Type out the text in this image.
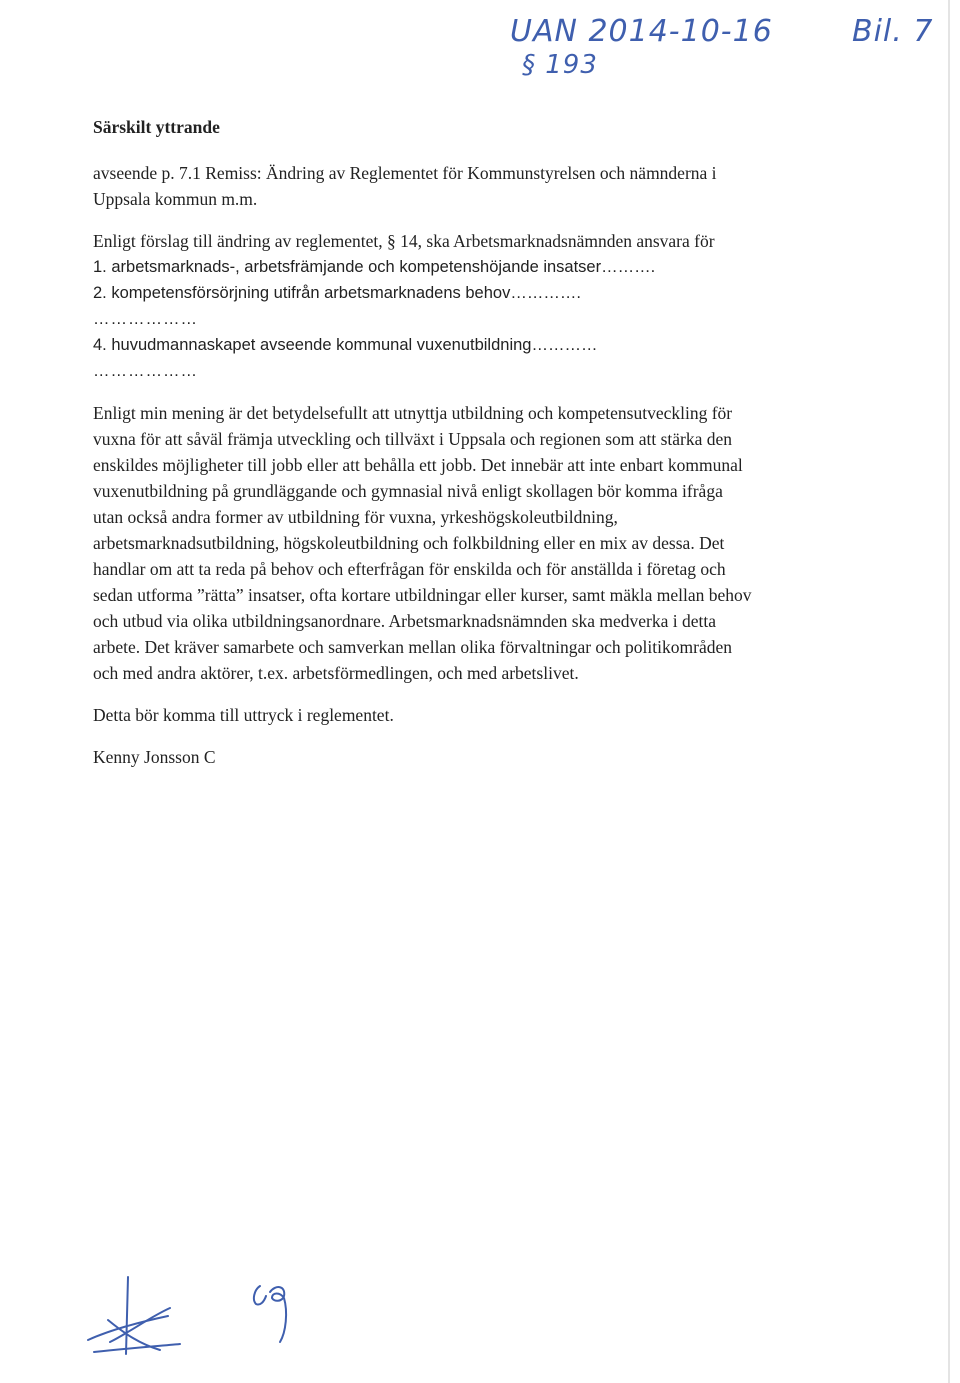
UAN 2014-10-16
§ 193
Bil. 7

Särskilt yttrande

avseende p. 7.1 Remiss: Ändring av Reglementet för Kommunstyrelsen och nämnderna i

Uppsala kommun m.m.

Enligt förslag till ändring av reglementet, § 14, ska Arbetsmarknadsnämnden ansvara för

1. arbetsmarknads-, arbetsfrämjande och kompetenshöjande insatser……….

2. kompetensförsörjning utifrån arbetsmarknadens behov………….

………………

4. huvudmannaskapet avseende kommunal vuxenutbildning…………

………………

Enligt min mening är det betydelsefullt att utnyttja utbildning och kompetensutveckling för

vuxna för att såväl främja utveckling och tillväxt i Uppsala och regionen som att stärka den

enskildes möjligheter till jobb eller att behålla ett jobb. Det innebär att inte enbart kommunal

vuxenutbildning på grundläggande och gymnasial nivå enligt skollagen bör komma ifråga

utan också andra former av utbildning för vuxna, yrkeshögskoleutbildning,

arbetsmarknadsutbildning, högskoleutbildning och folkbildning eller en mix av dessa. Det

handlar om att ta reda på behov och efterfrågan för enskilda och för anställda i företag och

sedan utforma ”rätta” insatser, ofta kortare utbildningar eller kurser, samt mäkla mellan behov

och utbud via olika utbildningsanordnare. Arbetsmarknadsnämnden ska medverka i detta

arbete. Det kräver samarbete och samverkan mellan olika förvaltningar och politikområden

och med andra aktörer, t.ex. arbetsförmedlingen, och med arbetslivet.

Detta bör komma till uttryck i reglementet.

Kenny Jonsson C
